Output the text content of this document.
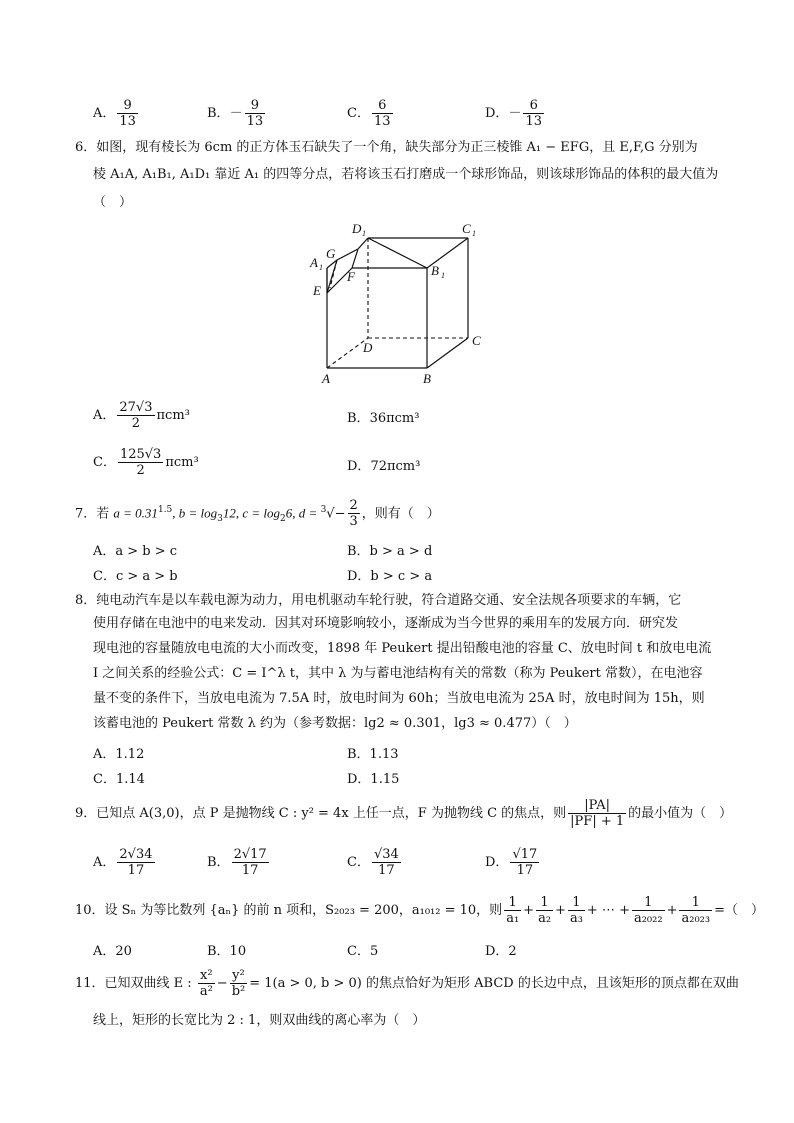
A． $\frac{9}{13}$	B．－ $\frac{9}{13}$	C． $\frac{6}{13}$	D．－ $\frac{6}{13}$
6．如图，现有棱长为 6cm 的正方体玉石缺失了一个角，缺失部分为正三棱锥 A₁ − EFG，且 E,F,G 分别为
棱 A₁A, A₁B₁, A₁D₁ 靠近 A₁ 的四等分点，若将该玉石打磨成一个球形饰品，则该球形饰品的体积的最大值为
（　）
D 1	C 1
A 1	B 1
G
F
E
D	C
A	B
A． $\frac{27√3}{2} \pi cm^3$	B．36πcm³
C． $\frac{125√3}{2} \pi cm^3$	D．72πcm³
7．若 $a = 0.31^{1.5}$, $b = \log_312$, $c = \log_26$, $d = ^3√- \frac{2}{3}$ ，则有（　）
A．a > b > c	B．b > a > d
C．c > a > b	D．b > c > a
8．纯电动汽车是以车载电源为动力，用电机驱动车轮行驶，符合道路交通、安全法规各项要求的车辆，它
使用存储在电池中的电来发动．因其对环境影响较小，逐渐成为当今世界的乘用车的发展方向．研究发
现电池的容量随放电电流的大小而改变，1898 年 Peukert 提出铅酸电池的容量 C、放电时间 t 和放电电流
I 之间关系的经验公式：C = I^λ t，其中 λ 为与蓄电池结构有关的常数（称为 Peukert 常数），在电池容
量不变的条件下，当放电电流为 7.5A 时，放电时间为 60h；当放电电流为 25A 时，放电时间为 15h，则
该蓄电池的 Peukert 常数 λ 约为（参考数据：lg2 ≈ 0.301，lg3 ≈ 0.477）（　）
A．1.12	B．1.13
C．1.14	D．1.15
9．已知点 A(3,0)，点 P 是抛物线 C : y² = 4x 上任一点，F 为抛物线 C 的焦点，则 $\frac{|PA|}{|PF| + 1}$ 的最小值为（　）
A． $\frac{2√34}{17}$	B． $\frac{2√17}{17}$	C． $\frac{√34}{17}$	D． $\frac{√17}{17}$
10．设 Sₙ 为等比数列 {aₙ} 的前 n 项和，S₂₀₂₃ = 200，a₁₀₁₂ = 10，则 $\frac{1}{\text{a₁}} + \frac{1}{\text{a₂}} + \frac{1}{\text{a₃}}$ + ⋯ + $\frac{1}{\text{a₂₀₂₂}} + \frac{1}{\text{a₂₀₂₃}}$ =（　）
A．20	B．10	C．5	D．2
11．已知双曲线 E : $\frac{\text{x²}}{\text{a²}} - \frac{\text{y²}}{\text{b²}} = 1(a > 0$, b > 0) 的焦点恰好为矩形 ABCD 的长边中点，且该矩形的顶点都在双曲
线上，矩形的长宽比为 2 : 1，则双曲线的离心率为（　）
